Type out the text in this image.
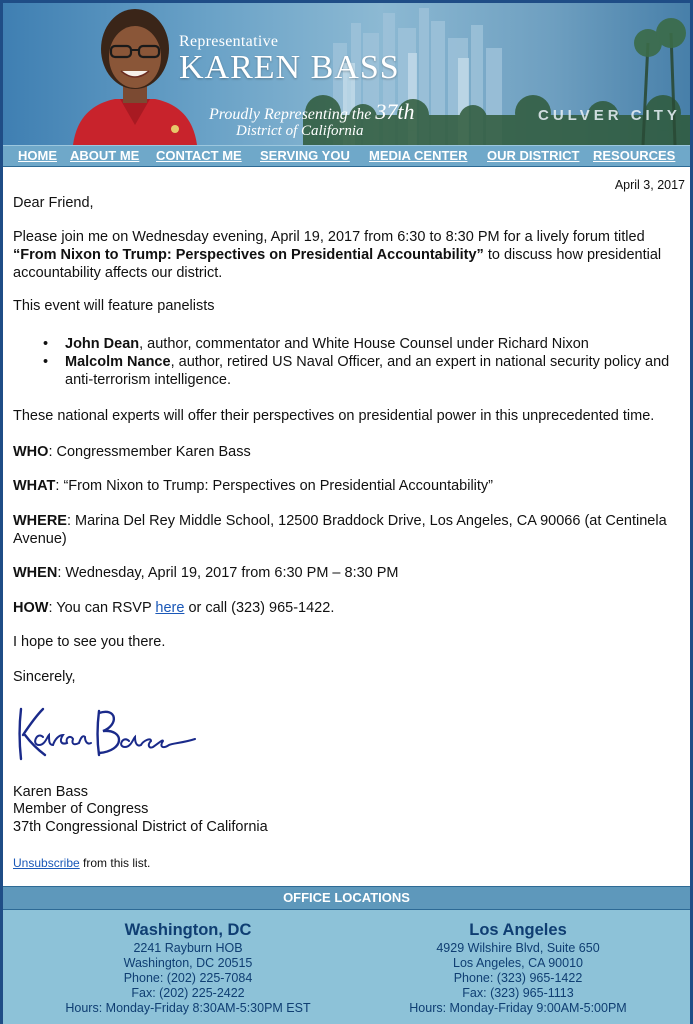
Representative
KAREN BASS
Proudly Representing the 37th
District of California
CULVER CITY
HOME ABOUT ME CONTACT ME SERVING YOU MEDIA CENTER OUR DISTRICT RESOURCES
April 3, 2017

Dear Friend,

Please join me on Wednesday evening, April 19, 2017 from 6:30 to 8:30 PM for a lively forum titled “From Nixon to Trump: Perspectives on Presidential Accountability” to discuss how presidential accountability affects our district.

This event will feature panelists

• John Dean, author, commentator and White House Counsel under Richard Nixon
• Malcolm Nance, author, retired US Naval Officer, and an expert in national security policy and anti-terrorism intelligence.

These national experts will offer their perspectives on presidential power in this unprecedented time.

WHO: Congressmember Karen Bass

WHAT: “From Nixon to Trump: Perspectives on Presidential Accountability”

WHERE: Marina Del Rey Middle School, 12500 Braddock Drive, Los Angeles, CA 90066 (at Centinela Avenue)

WHEN: Wednesday, April 19, 2017 from 6:30 PM – 8:30 PM

HOW: You can RSVP here or call (323) 965-1422.

I hope to see you there.

Sincerely,

Karen Bass

Member of Congress

37th Congressional District of California

Unsubscribe from this list.

OFFICE LOCATIONS
Washington, DC
2241 Rayburn HOB
Washington, DC 20515
Phone: (202) 225-7084
Fax: (202) 225-2422
Hours: Monday-Friday 8:30AM-5:30PM EST
Los Angeles
4929 Wilshire Blvd, Suite 650
Los Angeles, CA 90010
Phone: (323) 965-1422
Fax: (323) 965-1113
Hours: Monday-Friday 9:00AM-5:00PM
